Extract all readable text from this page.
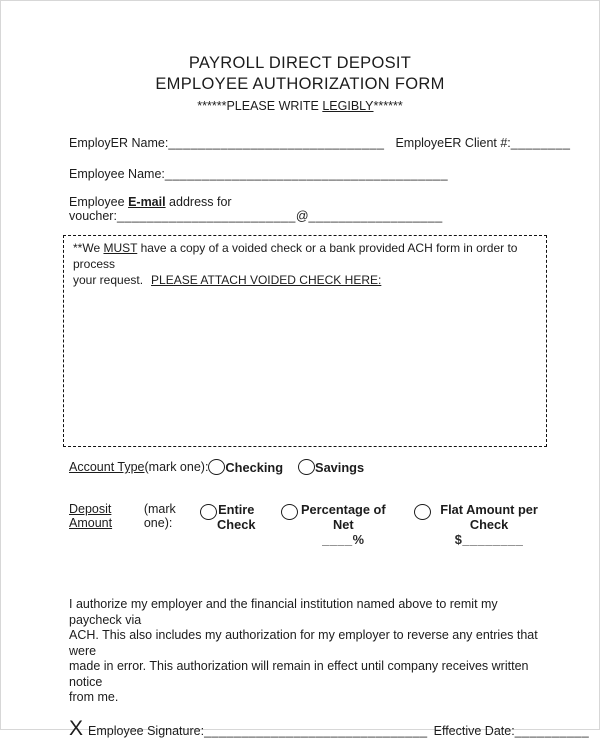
PAYROLL DIRECT DEPOSIT
EMPLOYEE AUTHORIZATION FORM
******PLEASE WRITE LEGIBLY******
EmployER Name:_____________________________ EmployeER Client #:________
Employee Name:______________________________________
Employee E-mail address for voucher:________________________@__________________
**We MUST have a copy of a voided check or a bank provided ACH form in order to process
your request. PLEASE ATTACH VOIDED CHECK HERE:
Account Type (mark one): Checking	Savings
Deposit Amount
(mark one):
Entire
Check
Percentage of Net
____%
Flat Amount per Check
$________
I authorize my employer and the financial institution named above to remit my paycheck via
ACH. This also includes my authorization for my employer to reverse any entries that were
made in error. This authorization will remain in effect until company receives written notice
from me.
X Employee Signature: ______________________________ Effective Date: __________
